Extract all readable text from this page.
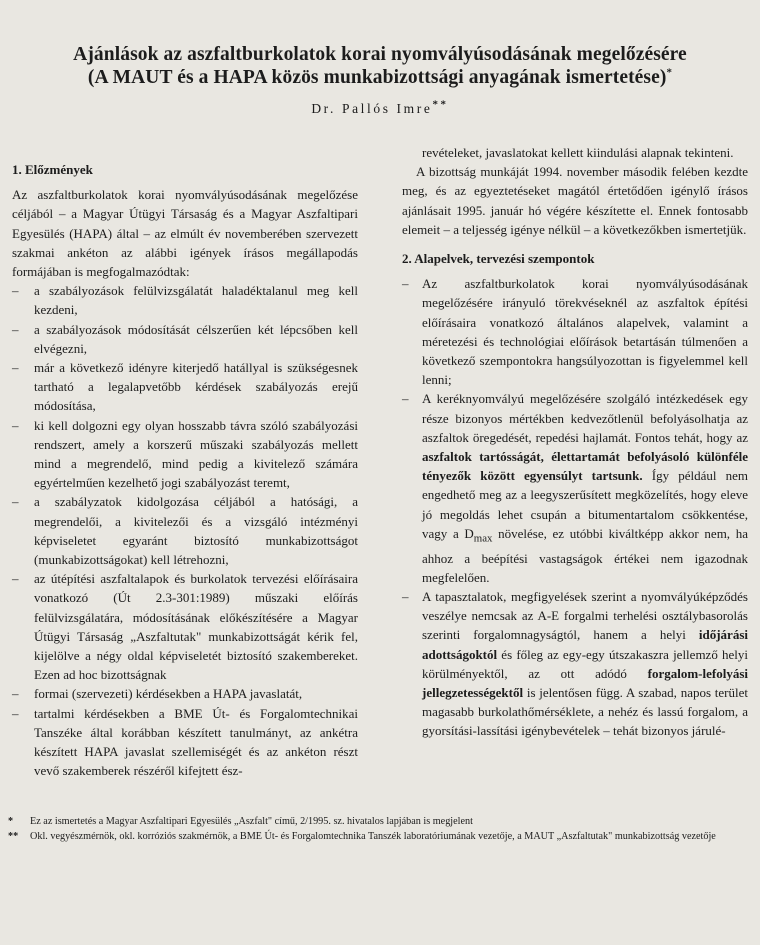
Ajánlások az aszfaltburkolatok korai nyomvályúsodásának megelőzésére
(A MAUT és a HAPA közös munkabizottsági anyagának ismertetése)*
Dr. Pallós Imre**
1. Előzmények

Az aszfaltburkolatok korai nyomvályúsodásának megelőzése céljából – a Magyar Útügyi Társaság és a Magyar Aszfaltipari Egyesülés (HAPA) által – az elmúlt év novemberében szervezett szakmai ankéton az alábbi igények írásos megállapodás formájában is megfogalmazódtak:

– a szabályozások felülvizsgálatát haladéktalanul meg kell kezdeni,
– a szabályozások módosítását célszerűen két lépcsőben kell elvégezni,
– már a következő idényre kiterjedő hatállyal is szükségesnek tartható a legalapvetőbb kérdések szabályozás erejű módosítása,
– ki kell dolgozni egy olyan hosszabb távra szóló szabályozási rendszert, amely a korszerű műszaki szabályozás mellett mind a megrendelő, mind pedig a kivitelező számára egyértelműen kezelhető jogi szabályozást teremt,
– a szabályzatok kidolgozása céljából a hatósági, a megrendelői, a kivitelezői és a vizsgáló intézményi képviseletet egyaránt biztosító munkabizottságot (munkabizottságokat) kell létrehozni,
– az útépítési aszfaltalapok és burkolatok tervezési előírásaira vonatkozó (Út 2.3-301:1989) műszaki előírás felülvizsgálatára, módosításának előkészítésére a Magyar Útügyi Társaság „Aszfaltutak" munkabizottságát kérik fel, kijelölve a négy oldal képviseletét biztosító szakembereket. Ezen ad hoc bizottságnak
– formai (szervezeti) kérdésekben a HAPA javaslatát,
– tartalmi kérdésekben a BME Út- és Forgalomtechnikai Tanszéke által korábban készített tanulmányt, az ankétra készített HAPA javaslat szellemiségét és az ankéton részt vevő szakemberek részéről kifejtett ész-

revételeket, javaslatokat kellett kiindulási alapnak tekinteni.

A bizottság munkáját 1994. november második felében kezdte meg, és az egyeztetéseket magától értetődően igénylő írásos ajánlásait 1995. január hó végére készítette el. Ennek fontosabb elemeit – a teljesség igénye nélkül – a következőkben ismertetjük.

2. Alapelvek, tervezési szempontok
– Az aszfaltburkolatok korai nyomvályúsodásának megelőzésére irányuló törekvéseknél az aszfaltok építési előírásaira vonatkozó általános alapelvek, valamint a méretezési és technológiai előírások betartásán túlmenően a következő szempontokra hangsúlyozottan is figyelemmel kell lenni;
– A keréknyomvályú megelőzésére szolgáló intézkedések egy része bizonyos mértékben kedvezőtlenül befolyásolhatja az aszfaltok öregedését, repedési hajlamát. Fontos tehát, hogy az aszfaltok tartósságát, élettartamát befolyásoló különféle tényezők között egyensúlyt tartsunk. Így például nem engedhető meg az a leegyszerűsített megközelítés, hogy eleve jó megoldás lehet csupán a bitumentartalom csökkentése, vagy a $D_{max}$ növelése, ez utóbbi kiváltképp akkor nem, ha ahhoz a beépítési vastagságok értékei nem igazodnak megfelelően.
– A tapasztalatok, megfigyelések szerint a nyomvályúképződés veszélye nemcsak az A-E forgalmi terhelési osztálybasorolás szerinti forgalomnagyságtól, hanem a helyi időjárási adottságoktól és főleg az egy-egy útszakaszra jellemző helyi körülményektől, az ott adódó forgalom-lefolyási jellegzetességektől is jelentősen függ. A szabad, napos terület magasabb burkolathőmérséklete, a nehéz és lassú forgalom, a gyorsítási-lassítási igénybevételek – tehát bizonyos járulé-
* Ez az ismertetés a Magyar Aszfaltipari Egyesülés „Aszfalt" című, 2/1995. sz. hivatalos lapjában is megjelent
** Okl. vegyészmérnök, okl. korróziós szakmérnök, a BME Út- és Forgalomtechnika Tanszék laboratóriumának vezetője, a MAUT „Aszfaltutak" munkabizottság vezetője
